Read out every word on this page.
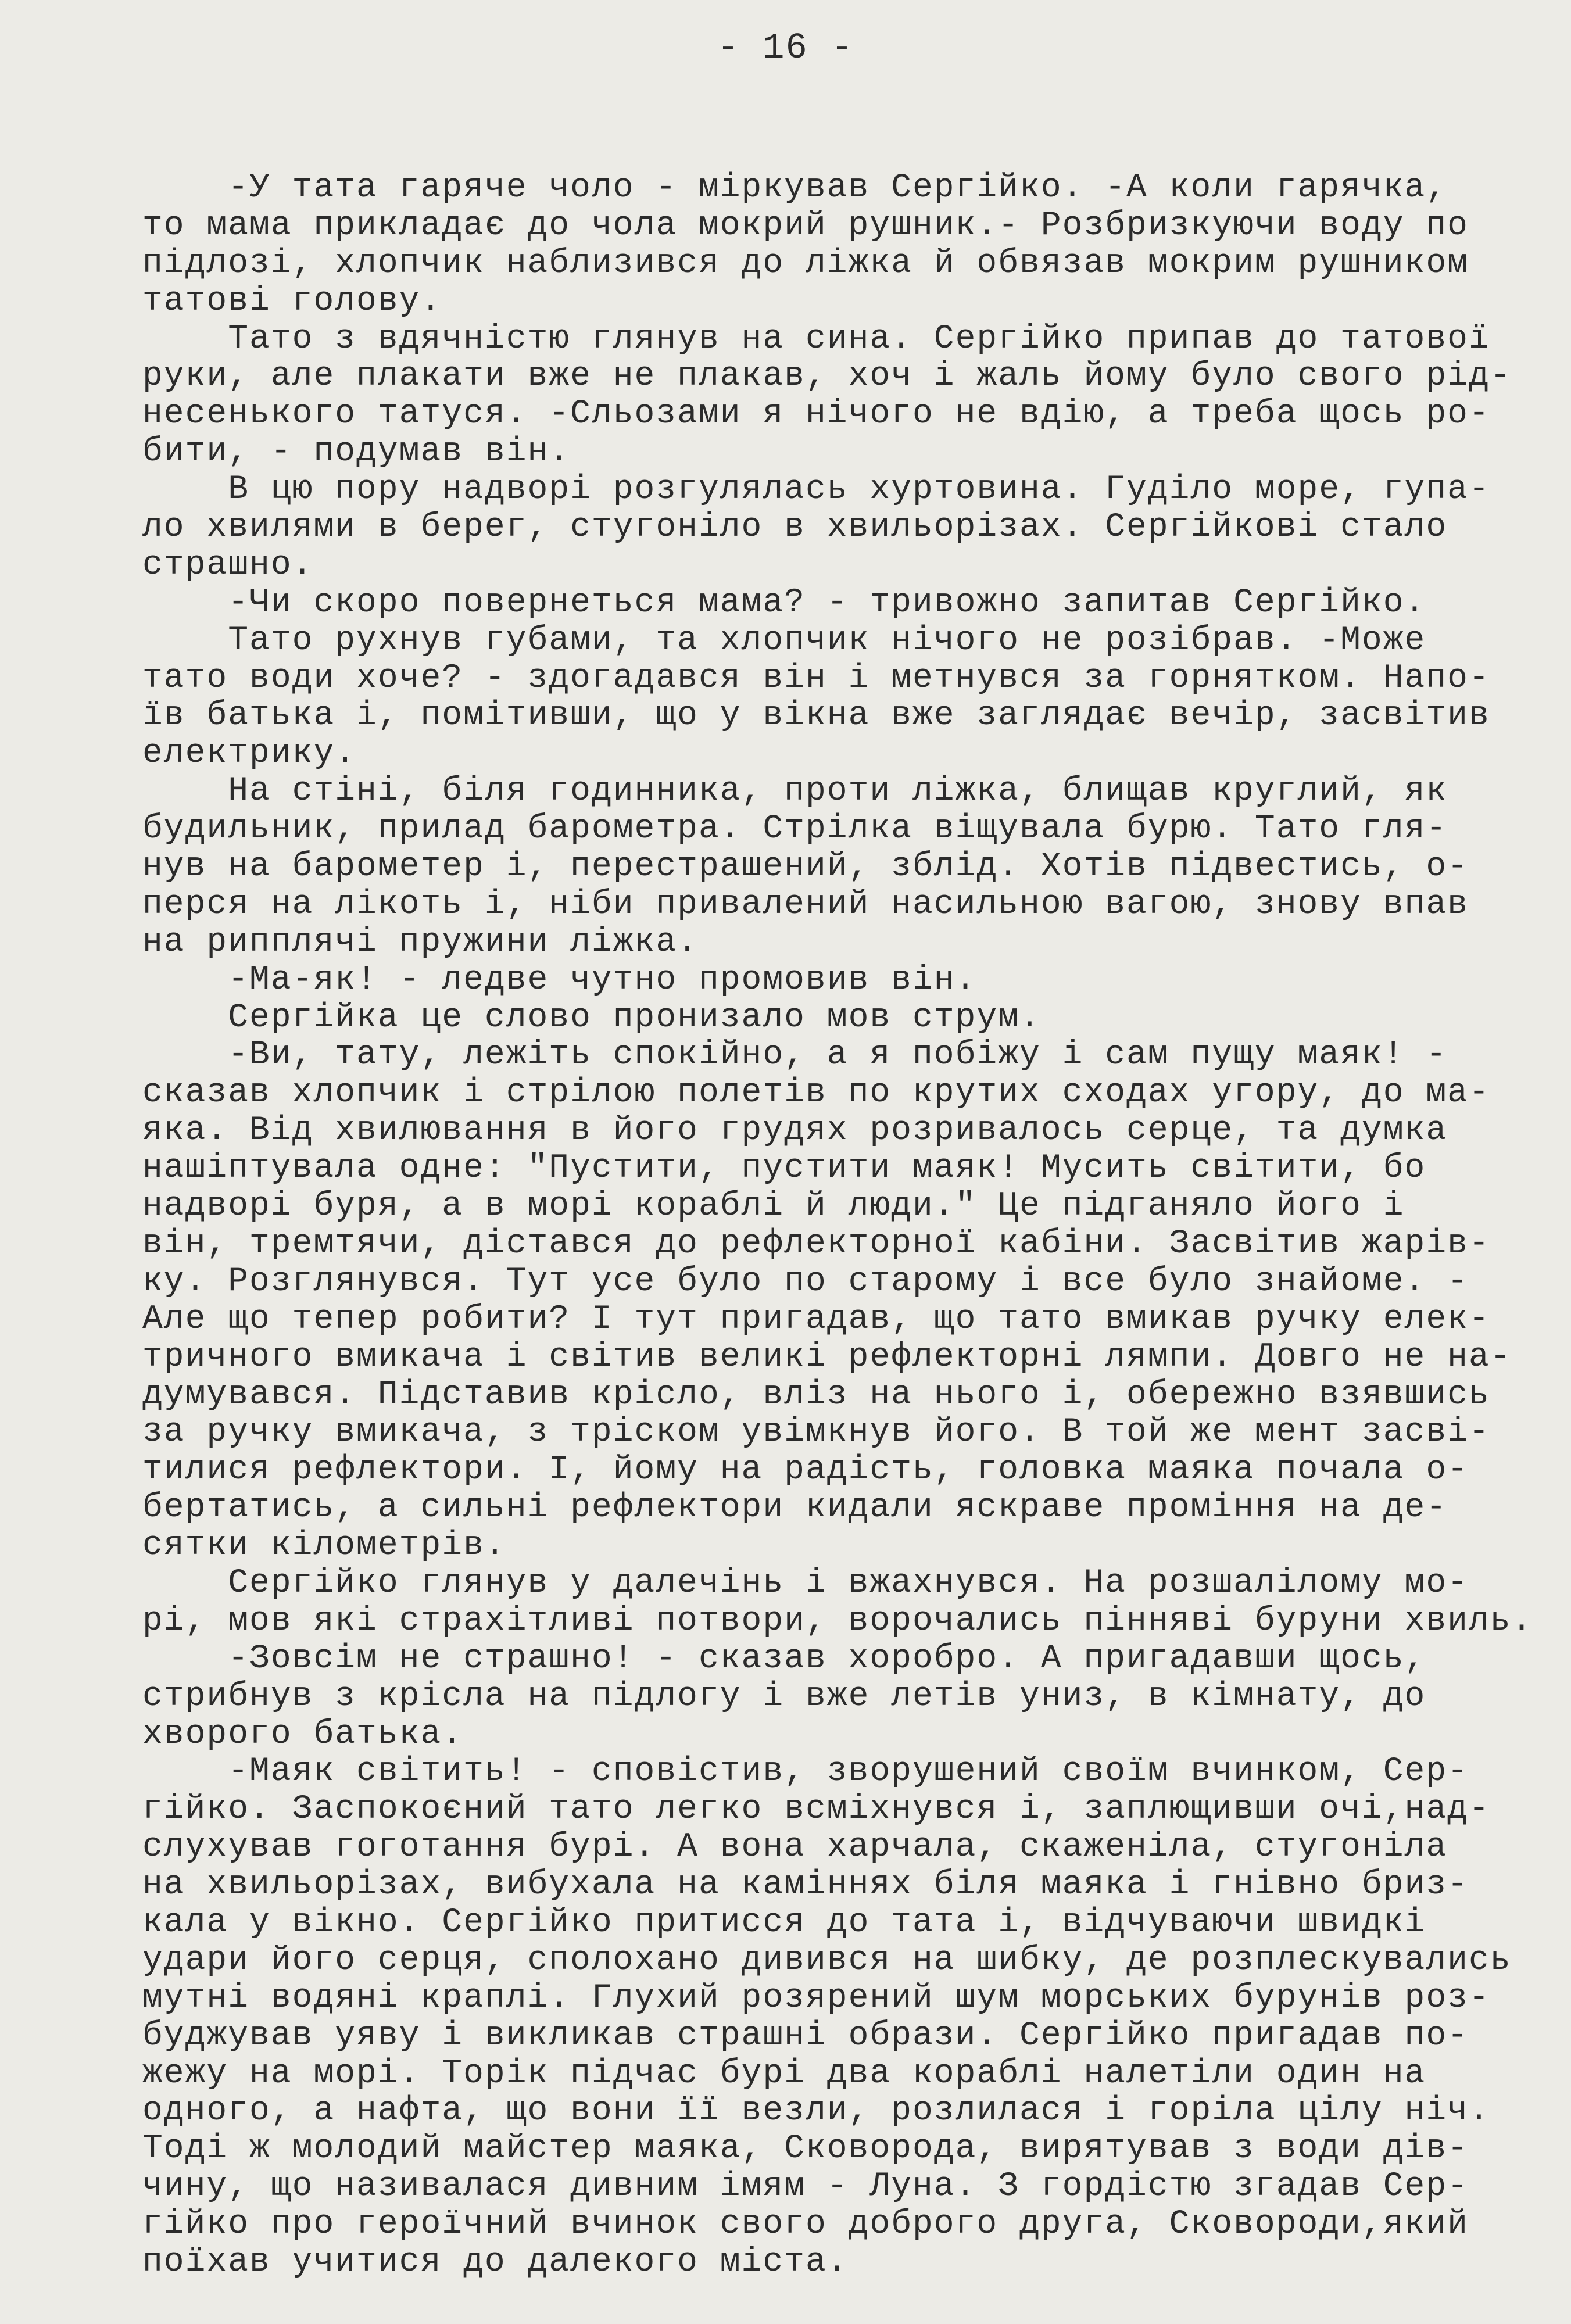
- 16 -
-У тата гаряче чоло - міркував Сергійко. -А коли гарячка,
то мама прикладає до чола мокрий рушник.- Розбризкуючи воду по
підлозі, хлопчик наблизився до ліжка й обвязав мокрим рушником
татові голову.
Тато з вдячністю глянув на сина. Сергійко припав до татової
руки, але плакати вже не плакав, хоч і жаль йому було свого рід-
несенького татуся. -Сльозами я нічого не вдію, а треба щось ро-
бити, - подумав він.
В цю пору надворі розгулялась хуртовина. Гуділо море, гупа-
ло хвилями в берег, стугоніло в хвильорізах. Сергійкові стало
страшно.
-Чи скоро повернеться мама? - тривожно запитав Сергійко.
Тато рухнув губами, та хлопчик нічого не розібрав. -Може
тато води хоче? - здогадався він і метнувся за горнятком. Напо-
їв батька і, помітивши, що у вікна вже заглядає вечір, засвітив
електрику.
На стіні, біля годинника, проти ліжка, блищав круглий, як
будильник, прилад барометра. Стрілка віщувала бурю. Тато гля-
нув на барометер і, перестрашений, зблід. Хотів підвестись, о-
перся на лікоть і, ніби привалений насильною вагою, знову впав
на рипплячі пружини ліжка.
-Ма-як! - ледве чутно промовив він.
Сергійка це слово пронизало мов струм.
-Ви, тату, лежіть спокійно, а я побіжу і сам пущу маяк! -
сказав хлопчик і стрілою полетів по крутих сходах угору, до ма-
яка. Від хвилювання в його грудях розривалось серце, та думка
нашіптувала одне: "Пустити, пустити маяк! Мусить світити, бо
надворі буря, а в морі кораблі й люди." Це підганяло його і
він, тремтячи, дістався до рефлекторної кабіни. Засвітив жарів-
ку. Розглянувся. Тут усе було по старому і все було знайоме. -
Але що тепер робити? І тут пригадав, що тато вмикав ручку елек-
тричного вмикача і світив великі рефлекторні лямпи. Довго не на-
думувався. Підставив крісло, вліз на нього і, обережно взявшись
за ручку вмикача, з тріском увімкнув його. В той же мент засві-
тилися рефлектори. І, йому на радість, головка маяка почала о-
бертатись, а сильні рефлектори кидали яскраве проміння на де-
сятки кілометрів.
Сергійко глянув у далечінь і вжахнувся. На розшалілому мо-
рі, мов які страхітливі потвори, ворочались пінняві буруни хвиль.
-Зовсім не страшно! - сказав хоробро. А пригадавши щось,
стрибнув з крісла на підлогу і вже летів униз, в кімнату, до
хворого батька.
-Маяк світить! - сповістив, зворушений своїм вчинком, Сер-
гійко. Заспокоєний тато легко всміхнувся і, заплющивши очі,над-
слухував гоготання бурі. А вона харчала, скаженіла, стугоніла
на хвильорізах, вибухала на каміннях біля маяка і гнівно бриз-
кала у вікно. Сергійко притисся до тата і, відчуваючи швидкі
удари його серця, сполохано дивився на шибку, де розплескувались
мутні водяні краплі. Глухий розярений шум морських бурунів роз-
буджував уяву і викликав страшні образи. Сергійко пригадав по-
жежу на морі. Торік підчас бурі два кораблі налетіли один на
одного, а нафта, що вони її везли, розлилася і горіла цілу ніч.
Тоді ж молодий майстер маяка, Сковорода, вирятував з води дів-
чину, що називалася дивним імям - Луна. З гордістю згадав Сер-
гійко про героїчний вчинок свого доброго друга, Сковороди,який
поїхав учитися до далекого міста.
